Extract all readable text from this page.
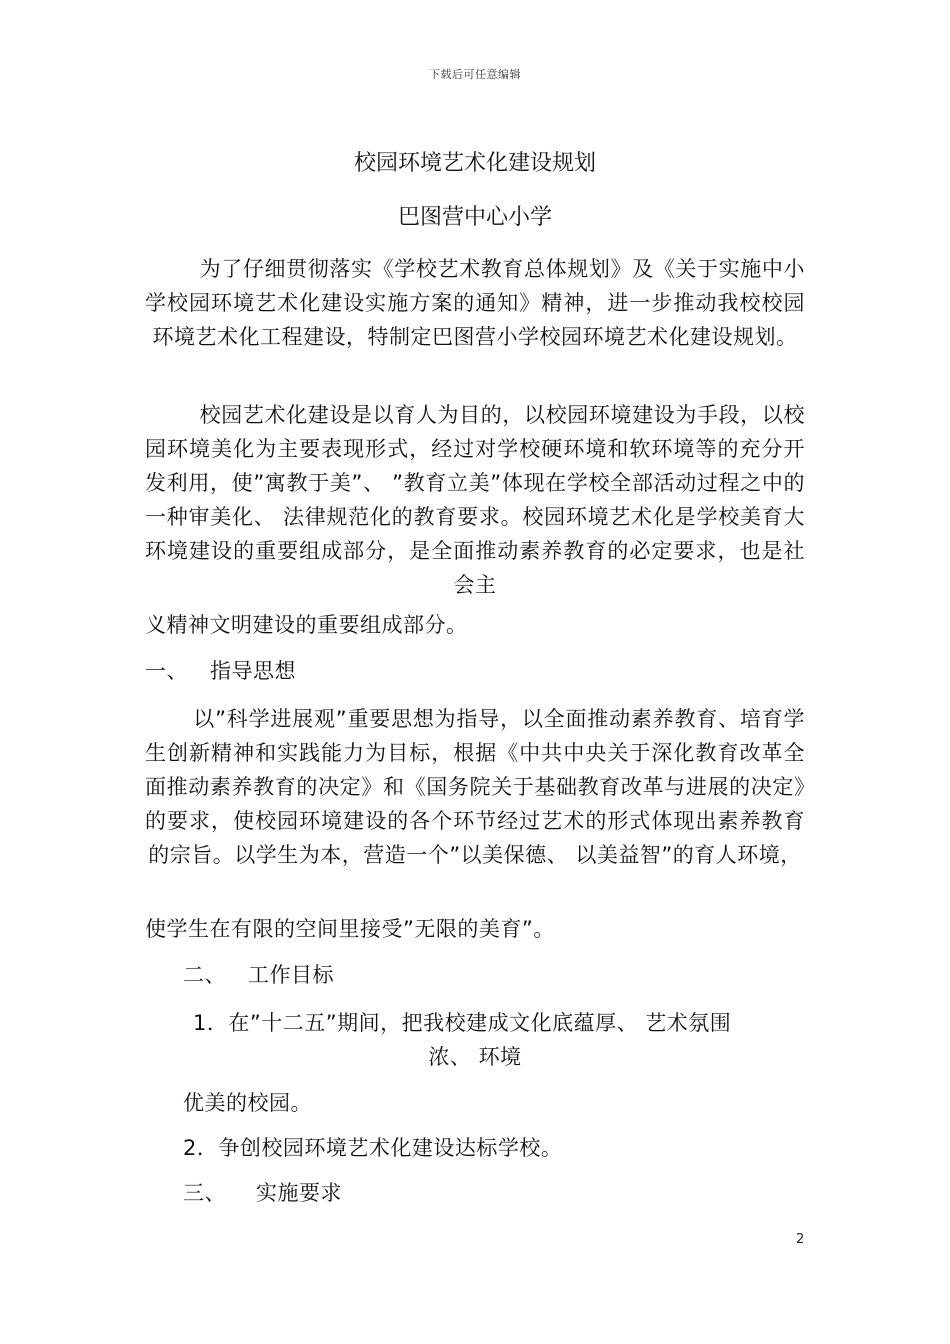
下载后可任意编辑
校园环境艺术化建设规划
巴图营中心小学
为了仔细贯彻落实《学校艺术教育总体规划》及《关于实施中小学校园环境艺术化建设实施方案的通知》精神，进一步推动我校校园环境艺术化工程建设，特制定巴图营小学校园环境艺术化建设规划。
校园艺术化建设是以育人为目的，以校园环境建设为手段，以校园环境美化为主要表现形式，经过对学校硬环境和软环境等的充分开发利用，使”寓教于美”、 ”教育立美”体现在学校全部活动过程之中的一种审美化、 法律规范化的教育要求。校园环境艺术化是学校美育大环境建设的重要组成部分，是全面推动素养教育的必定要求，也是社会主
义精神文明建设的重要组成部分。
一、 指导思想
以”科学进展观”重要思想为指导，以全面推动素养教育、培育学生创新精神和实践能力为目标，根据《中共中央关于深化教育改革全面推动素养教育的决定》和《国务院关于基础教育改革与进展的决定》的要求，使校园环境建设的各个环节经过艺术的形式体现出素养教育的宗旨。以学生为本，营造一个”以美保德、 以美益智”的育人环境，
使学生在有限的空间里接受”无限的美育”。
二、 工作目标
1．在”十二五”期间，把我校建成文化底蕴厚、 艺术氛围
浓、 环境
优美的校园。
2．争创校园环境艺术化建设达标学校。
三、 实施要求
2
